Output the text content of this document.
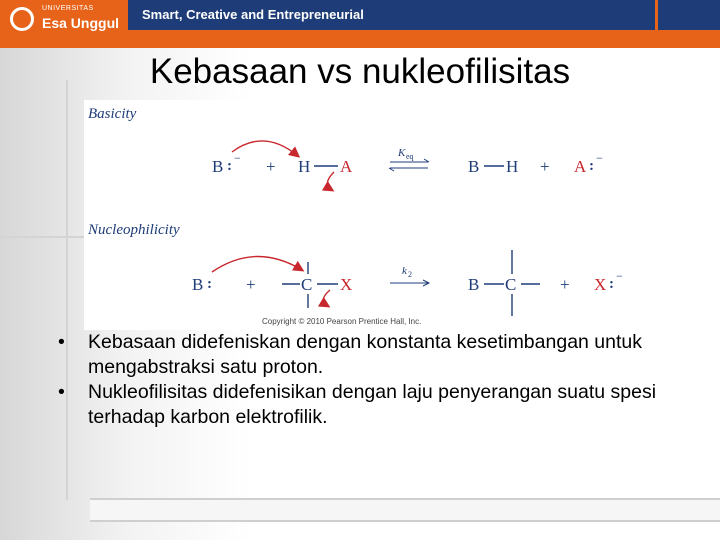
UNIVERSITAS
Esa Unggul
Smart, Creative and Entrepreneurial
Kebasaan vs nukleofilisitas
Basicity
B : − + H A
K eq
B H + A : −
Nucleophilicity
B : +	C X
k 2
B C	+ X : −
Copyright © 2010 Pearson Prentice Hall, Inc.
• Kebasaan didefeniskan dengan konstanta kesetimbangan untuk mengabstraksi satu proton.
• Nukleofilisitas didefenisikan dengan laju penyerangan suatu spesi terhadap karbon elektrofilik.
